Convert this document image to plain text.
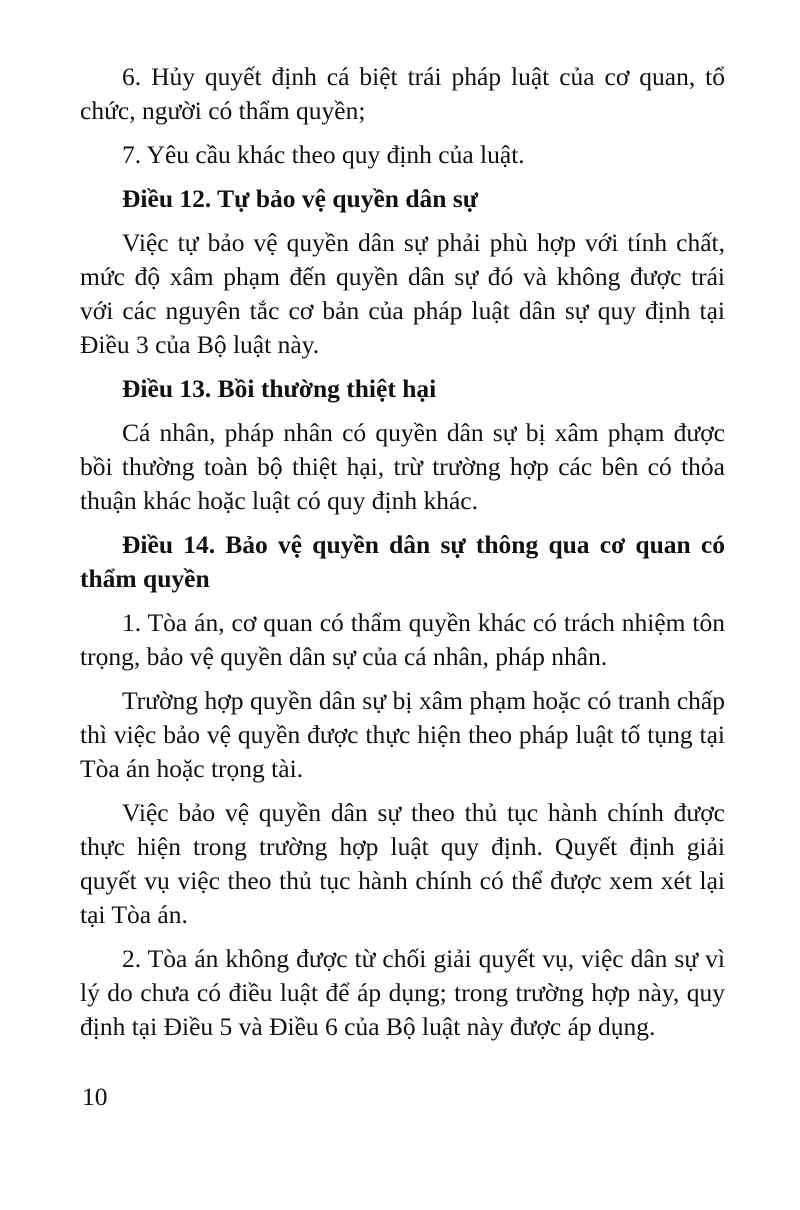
6. Hủy quyết định cá biệt trái pháp luật của cơ quan, tổ chức, người có thẩm quyền;

7. Yêu cầu khác theo quy định của luật.

Điều 12. Tự bảo vệ quyền dân sự

Việc tự bảo vệ quyền dân sự phải phù hợp với tính chất, mức độ xâm phạm đến quyền dân sự đó và không được trái với các nguyên tắc cơ bản của pháp luật dân sự quy định tại Điều 3 của Bộ luật này.

Điều 13. Bồi thường thiệt hại

Cá nhân, pháp nhân có quyền dân sự bị xâm phạm được bồi thường toàn bộ thiệt hại, trừ trường hợp các bên có thỏa thuận khác hoặc luật có quy định khác.

Điều 14. Bảo vệ quyền dân sự thông qua cơ quan có thẩm quyền

1. Tòa án, cơ quan có thẩm quyền khác có trách nhiệm tôn trọng, bảo vệ quyền dân sự của cá nhân, pháp nhân.

Trường hợp quyền dân sự bị xâm phạm hoặc có tranh chấp thì việc bảo vệ quyền được thực hiện theo pháp luật tố tụng tại Tòa án hoặc trọng tài.

Việc bảo vệ quyền dân sự theo thủ tục hành chính được thực hiện trong trường hợp luật quy định. Quyết định giải quyết vụ việc theo thủ tục hành chính có thể được xem xét lại tại Tòa án.

2. Tòa án không được từ chối giải quyết vụ, việc dân sự vì lý do chưa có điều luật để áp dụng; trong trường hợp này, quy định tại Điều 5 và Điều 6 của Bộ luật này được áp dụng.

10
